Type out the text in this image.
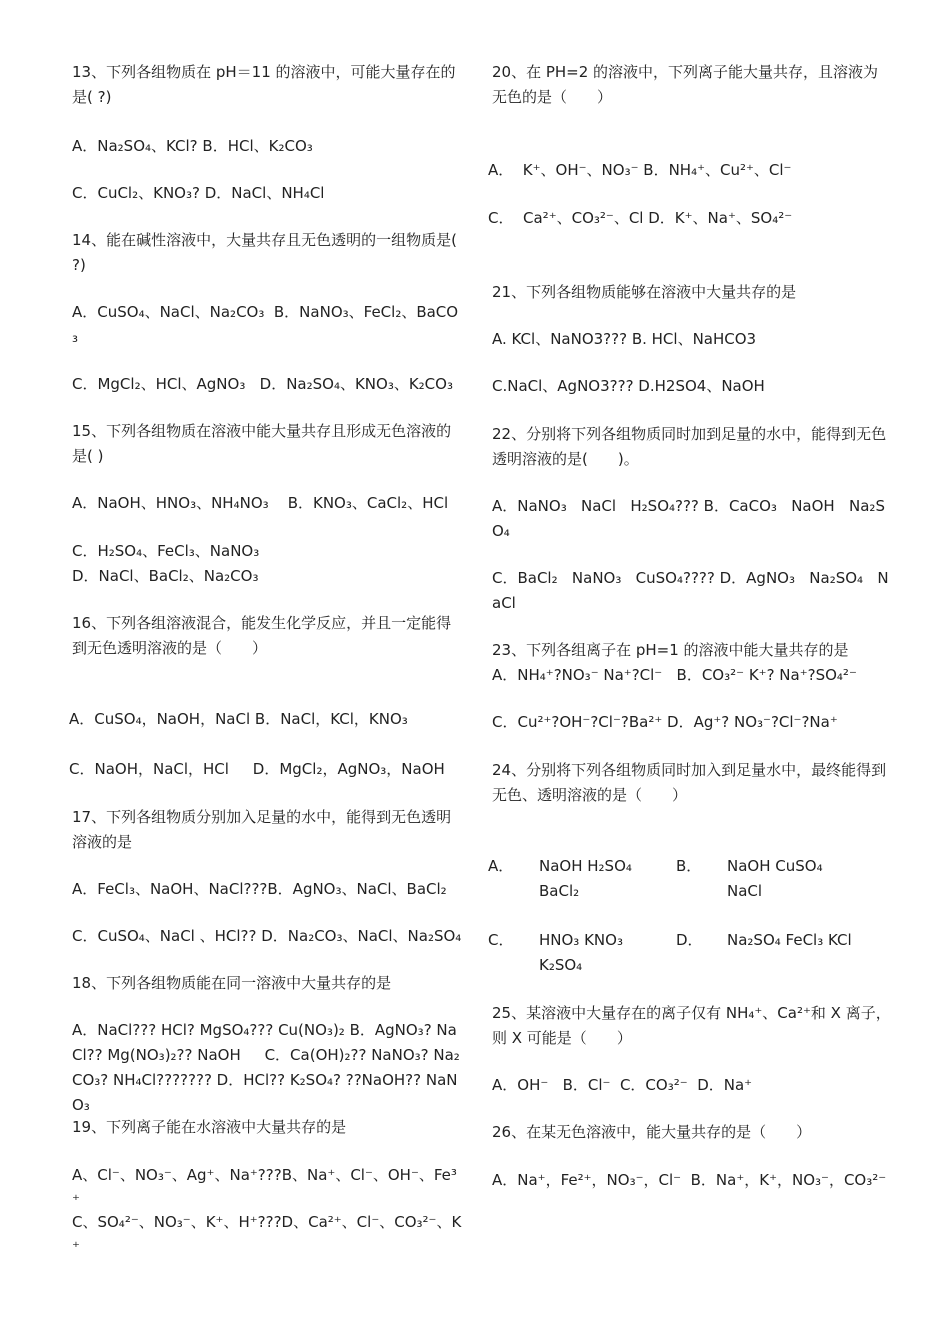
13、下列各组物质在 pH＝11 的溶液中，可能大量存在的是( ?)
A．Na₂SO₄、KCl? B．HCl、K₂CO₃
C．CuCl₂、KNO₃? D．NaCl、NH₄Cl
14、能在碱性溶液中，大量共存且无色透明的一组物质是( ?)
A．CuSO₄、NaCl、Na₂CO₃  B．NaNO₃、FeCl₂、BaCO₃
C．MgCl₂、HCl、AgNO₃   D．Na₂SO₄、KNO₃、K₂CO₃
15、下列各组物质在溶液中能大量共存且形成无色溶液的是( )
A．NaOH、HNO₃、NH₄NO₃    B．KNO₃、CaCl₂、HCl
C．H₂SO₄、FeCl₃、NaNO₃
D．NaCl、BaCl₂、Na₂CO₃
16、下列各组溶液混合，能发生化学反应，并且一定能得到无色透明溶液的是（　　）
A．CuSO₄，NaOH，NaCl B．NaCl，KCl，KNO₃
C．NaOH，NaCl，HCl     D．MgCl₂，AgNO₃，NaOH
17、下列各组物质分别加入足量的水中，能得到无色透明溶液的是
A．FeCl₃、NaOH、NaCl???B．AgNO₃、NaCl、BaCl₂
C．CuSO₄、NaCl 、HCl?? D．Na₂CO₃、NaCl、Na₂SO₄
18、下列各组物质能在同一溶液中大量共存的是
A．NaCl??? HCl? MgSO₄??? Cu(NO₃)₂ B．AgNO₃? NaCl?? Mg(NO₃)₂?? NaOH     C．Ca(OH)₂?? NaNO₃? Na₂CO₃? NH₄Cl??????? D．HCl?? K₂SO₄? ??NaOH?? NaNO₃
19、下列离子能在水溶液中大量共存的是
A、Cl⁻、NO₃⁻、Ag⁺、Na⁺???B、Na⁺、Cl⁻、OH⁻、Fe³⁺
C、SO₄²⁻、NO₃⁻、K⁺、H⁺???D、Ca²⁺、Cl⁻、CO₃²⁻、K⁺
20、在 PH=2 的溶液中，下列离子能大量共存，且溶液为无色的是（　　）
A．  K⁺、OH⁻、NO₃⁻ B．NH₄⁺、Cu²⁺、Cl⁻
C．  Ca²⁺、CO₃²⁻、Cl D．K⁺、Na⁺、SO₄²⁻
21、下列各组物质能够在溶液中大量共存的是
A. KCl、NaNO3??? B. HCl、NaHCO3
C.NaCl、AgNO3??? D.H2SO4、NaOH
22、分别将下列各组物质同时加到足量的水中，能得到无色透明溶液的是(　　)。
A．NaNO₃   NaCl   H₂SO₄??? B．CaCO₃   NaOH   Na₂SO₄
C．BaCl₂   NaNO₃   CuSO₄???? D．AgNO₃   Na₂SO₄   NaCl
23、下列各组离子在 pH=1 的溶液中能大量共存的是
A．NH₄⁺?NO₃⁻ Na⁺?Cl⁻   B．CO₃²⁻ K⁺? Na⁺?SO₄²⁻
C．Cu²⁺?OH⁻?Cl⁻?Ba²⁺ D．Ag⁺? NO₃⁻?Cl⁻?Na⁺
24、分别将下列各组物质同时加入到足量水中，最终能得到无色、透明溶液的是（　　）
A． NaOH H₂SO₄ BaCl₂
B． NaOH CuSO₄ NaCl
C． HNO₃ KNO₃ K₂SO₄
D． Na₂SO₄ FeCl₃ KCl
25、某溶液中大量存在的离子仅有 NH₄⁺、Ca²⁺和 X 离子，则 X 可能是（　　）
A．OH⁻   B．Cl⁻  C．CO₃²⁻  D．Na⁺
26、在某无色溶液中，能大量共存的是（　　）
A．Na⁺，Fe²⁺，NO₃⁻，Cl⁻  B．Na⁺，K⁺，NO₃⁻，CO₃²⁻
